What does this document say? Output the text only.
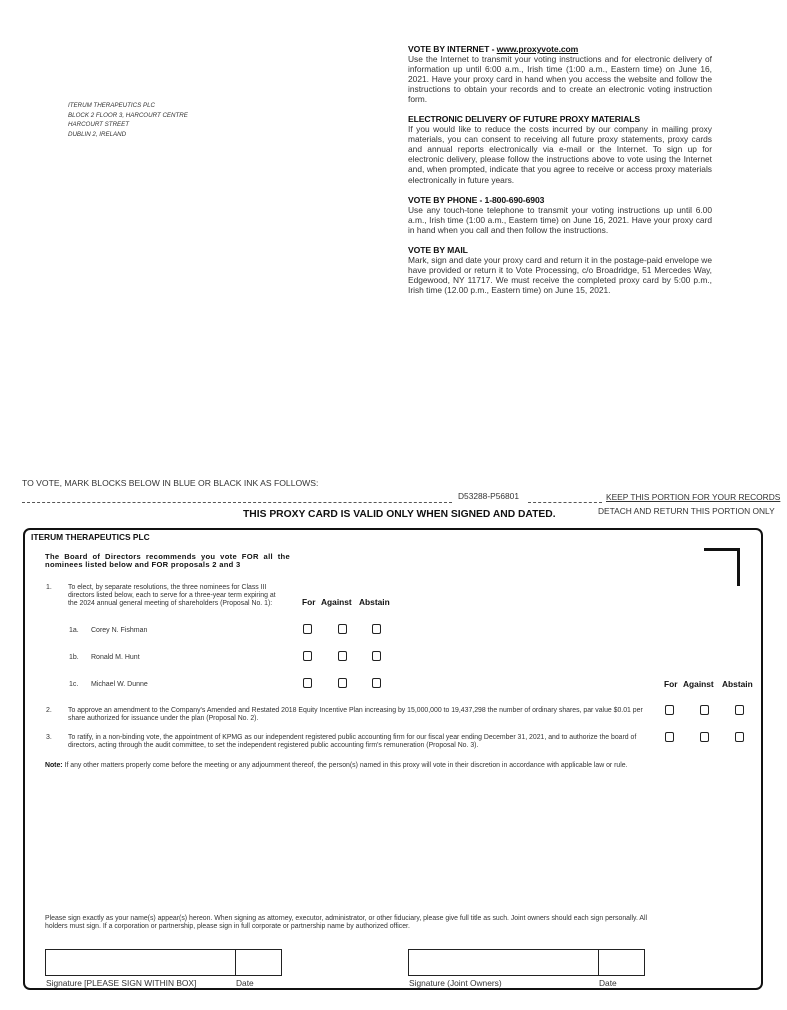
ITERUM THERAPEUTICS PLC
BLOCK 2 FLOOR 3, HARCOURT CENTRE
HARCOURT STREET
DUBLIN 2, IRELAND
VOTE BY INTERNET - www.proxyvote.com

Use the Internet to transmit your voting instructions and for electronic delivery of information up until 6:00 a.m., Irish time (1:00 a.m., Eastern time) on June 16, 2021. Have your proxy card in hand when you access the website and follow the instructions to obtain your records and to create an electronic voting instruction form.

ELECTRONIC DELIVERY OF FUTURE PROXY MATERIALS

If you would like to reduce the costs incurred by our company in mailing proxy materials, you can consent to receiving all future proxy statements, proxy cards and annual reports electronically via e-mail or the Internet. To sign up for electronic delivery, please follow the instructions above to vote using the Internet and, when prompted, indicate that you agree to receive or access proxy materials electronically in future years.

VOTE BY PHONE - 1-800-690-6903

Use any touch-tone telephone to transmit your voting instructions up until 6.00 a.m., Irish time (1:00 a.m., Eastern time) on June 16, 2021. Have your proxy card in hand when you call and then follow the instructions.

VOTE BY MAIL

Mark, sign and date your proxy card and return it in the postage-paid envelope we have provided or return it to Vote Processing, c/o Broadridge, 51 Mercedes Way, Edgewood, NY 11717. We must receive the completed proxy card by 5:00 p.m., Irish time (12.00 p.m., Eastern time) on June 15, 2021.

TO VOTE, MARK BLOCKS BELOW IN BLUE OR BLACK INK AS FOLLOWS:
D53288-P56801	KEEP THIS PORTION FOR YOUR RECORDS
DETACH AND RETURN THIS PORTION ONLY
THIS PROXY CARD IS VALID ONLY WHEN SIGNED AND DATED.
ITERUM THERAPEUTICS PLC
The Board of Directors recommends you vote FOR all the nominees listed below and FOR proposals 2 and 3
1. To elect, by separate resolutions, the three nominees for Class III directors listed below, each to serve for a three-year term expiring at the 2024 annual general meeting of shareholders (Proposal No. 1):	For Against Abstain
1a. Corey N. Fishman
1b. Ronald M. Hunt
1c. Michael W. Dunne	For Against Abstain
2. To approve an amendment to the Company's Amended and Restated 2018 Equity Incentive Plan increasing by 15,000,000 to 19,437,298 the number of ordinary shares, par value $0.01 per share authorized for issuance under the plan (Proposal No. 2).
3. To ratify, in a non-binding vote, the appointment of KPMG as our independent registered public accounting firm for our fiscal year ending December 31, 2021, and to authorize the board of directors, acting through the audit committee, to set the independent registered public accounting firm's remuneration (Proposal No. 3).
Note: If any other matters properly come before the meeting or any adjournment thereof, the person(s) named in this proxy will vote in their discretion in accordance with applicable law or rule.
Please sign exactly as your name(s) appear(s) hereon. When signing as attorney, executor, administrator, or other fiduciary, please give full title as such. Joint owners should each sign personally. All holders must sign. If a corporation or partnership, please sign in full corporate or partnership name by authorized officer.
Signature [PLEASE SIGN WITHIN BOX]	Date	Signature (Joint Owners)	Date
